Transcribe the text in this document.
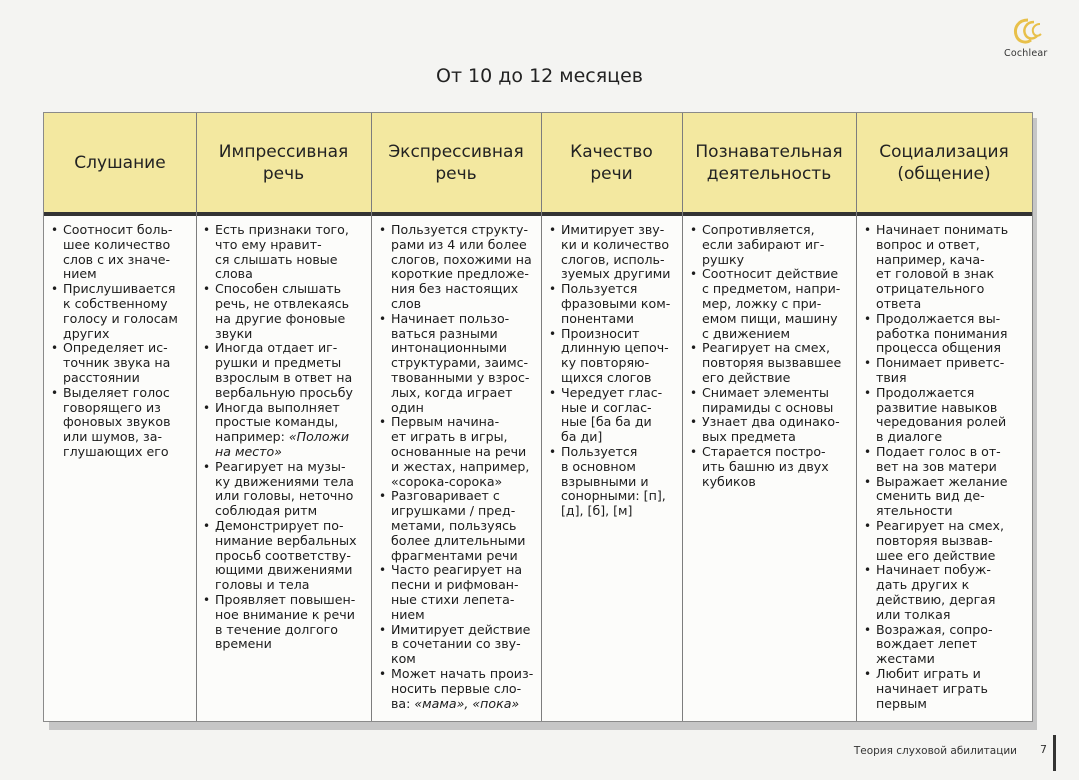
Cochlear
От 10 до 12 месяцев
Слушание
• Соотносит боль-
шее количество
слов с их значе-
нием
• Прислушивается
к собственному
голосу и голосам
других
• Определяет ис-
точник звука на
расстоянии
• Выделяет голос
говорящего из
фоновых звуков
или шумов, за-
глушающих его
Импрессивная
речь
• Есть признаки того,
что ему нравит-
ся слышать новые
слова
• Способен слышать
речь, не отвлекаясь
на другие фоновые
звуки
• Иногда отдает иг-
рушки и предметы
взрослым в ответ на
вербальную просьбу
• Иногда выполняет
простые команды,
например: «Положи
на место»
• Реагирует на музы-
ку движениями тела
или головы, неточно
соблюдая ритм
• Демонстрирует по-
нимание вербальных
просьб соответству-
ющими движениями
головы и тела
• Проявляет повышен-
ное внимание к речи
в течение долгого
времени
Экспрессивная
речь
• Пользуется структу-
рами из 4 или более
слогов, похожими на
короткие предложе-
ния без настоящих
слов
• Начинает пользо-
ваться разными
интонационными
структурами, заимс-
твованными у взрос-
лых, когда играет
один
• Первым начина-
ет играть в игры,
основанные на речи
и жестах, например,
«сорока-сорока»
• Разговаривает с
игрушками / пред-
метами, пользуясь
более длительными
фрагментами речи
• Часто реагирует на
песни и рифмован-
ные стихи лепета-
нием
• Имитирует действие
в сочетании со зву-
ком
• Может начать произ-
носить первые сло-
ва: «мама», «пока»
Качество
речи
• Имитирует зву-
ки и количество
слогов, исполь-
зуемых другими
• Пользуется
фразовыми ком-
понентами
• Произносит
длинную цепоч-
ку повторяю-
щихся слогов
• Чередует глас-
ные и соглас-
ные [ба ба ди
ба ди]
• Пользуется
в основном
взрывными и
сонорными: [п],
[д], [б], [м]
Познавательная
деятельность
• Сопротивляется,
если забирают иг-
рушку
• Соотносит действие
с предметом, напри-
мер, ложку с при-
емом пищи, машину
с движением
• Реагирует на смех,
повторяя вызвавшее
его действие
• Снимает элементы
пирамиды с основы
• Узнает два одинако-
вых предмета
• Старается постро-
ить башню из двух
кубиков
Социализация
(общение)
• Начинает понимать
вопрос и ответ,
например, кача-
ет головой в знак
отрицательного
ответа
• Продолжается вы-
работка понимания
процесса общения
• Понимает приветс-
твия
• Продолжается
развитие навыков
чередования ролей
в диалоге
• Подает голос в от-
вет на зов матери
• Выражает желание
сменить вид де-
ятельности
• Реагирует на смех,
повторяя вызвав-
шее его действие
• Начинает побуж-
дать других к
действию, дергая
или толкая
• Возражая, сопро-
вождает лепет
жестами
• Любит играть и
начинает играть
первым
Теория слуховой абилитации 7
